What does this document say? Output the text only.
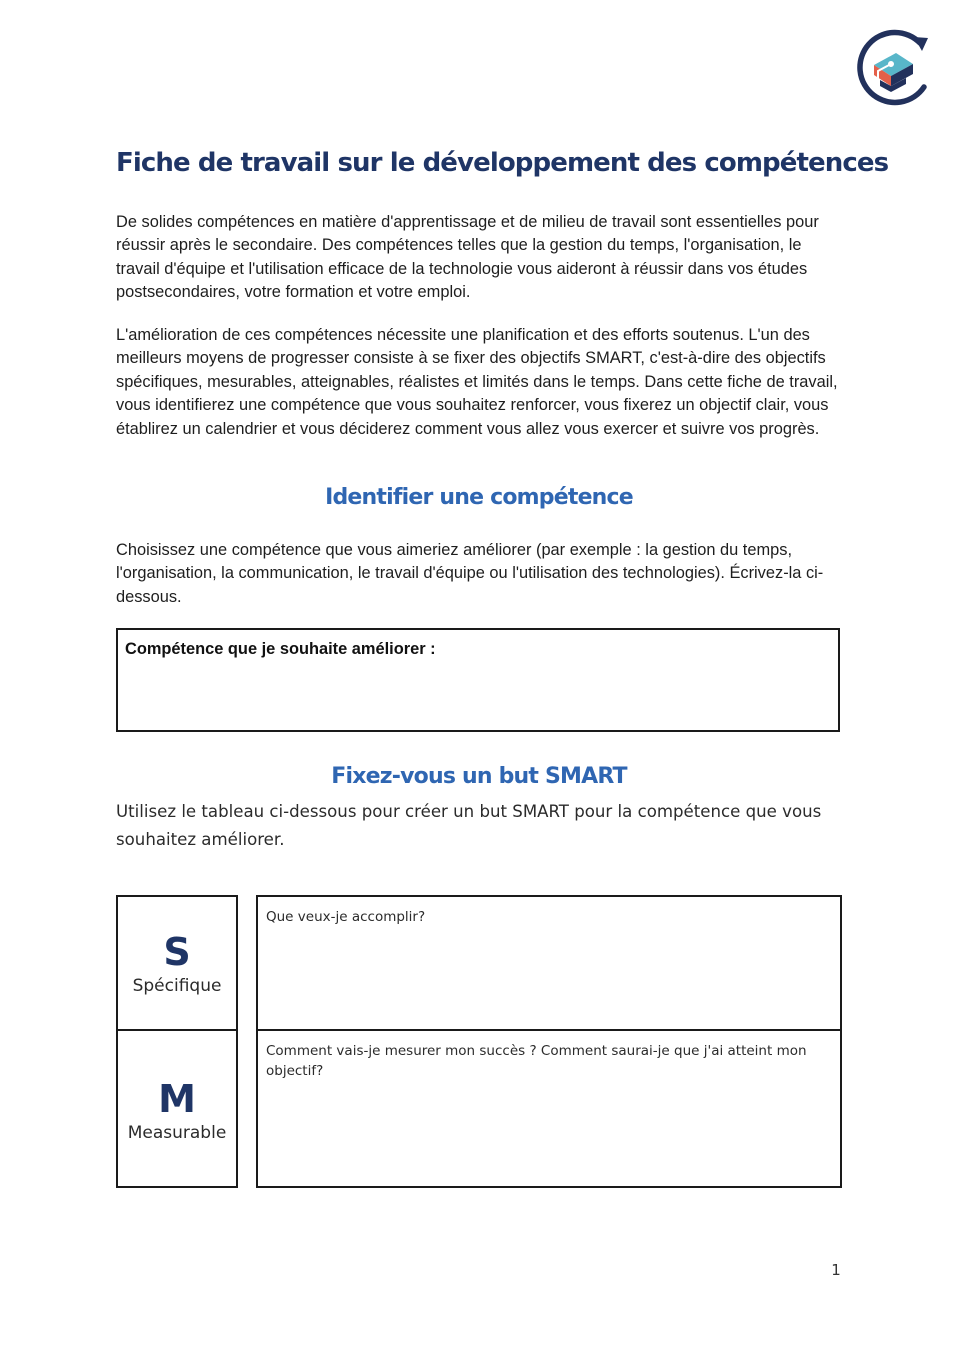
Fiche de travail sur le développement des compétences

De solides compétences en matière d'apprentissage et de milieu de travail sont essentielles pour réussir après le secondaire. Des compétences telles que la gestion du temps, l'organisation, le travail d'équipe et l'utilisation efficace de la technologie vous aideront à réussir dans vos études postsecondaires, votre formation et votre emploi.

L'amélioration de ces compétences nécessite une planification et des efforts soutenus. L'un des meilleurs moyens de progresser consiste à se fixer des objectifs SMART, c'est-à-dire des objectifs spécifiques, mesurables, atteignables, réalistes et limités dans le temps. Dans cette fiche de travail, vous identifierez une compétence que vous souhaitez renforcer, vous fixerez un objectif clair, vous établirez un calendrier et vous déciderez comment vous allez vous exercer et suivre vos progrès.

Identifier une compétence

Choisissez une compétence que vous aimeriez améliorer (par exemple : la gestion du temps, l'organisation, la communication, le travail d'équipe ou l'utilisation des technologies). Écrivez-la ci-dessous.

Compétence que je souhaite améliorer :

Fixez-vous un but SMART

Utilisez le tableau ci-dessous pour créer un but SMART pour la compétence que vous souhaitez améliorer.

S
Spécifique

Que veux-je accomplir?

M
Measurable

Comment vais-je mesurer mon succès ? Comment saurai-je que j'ai atteint mon objectif?

1
